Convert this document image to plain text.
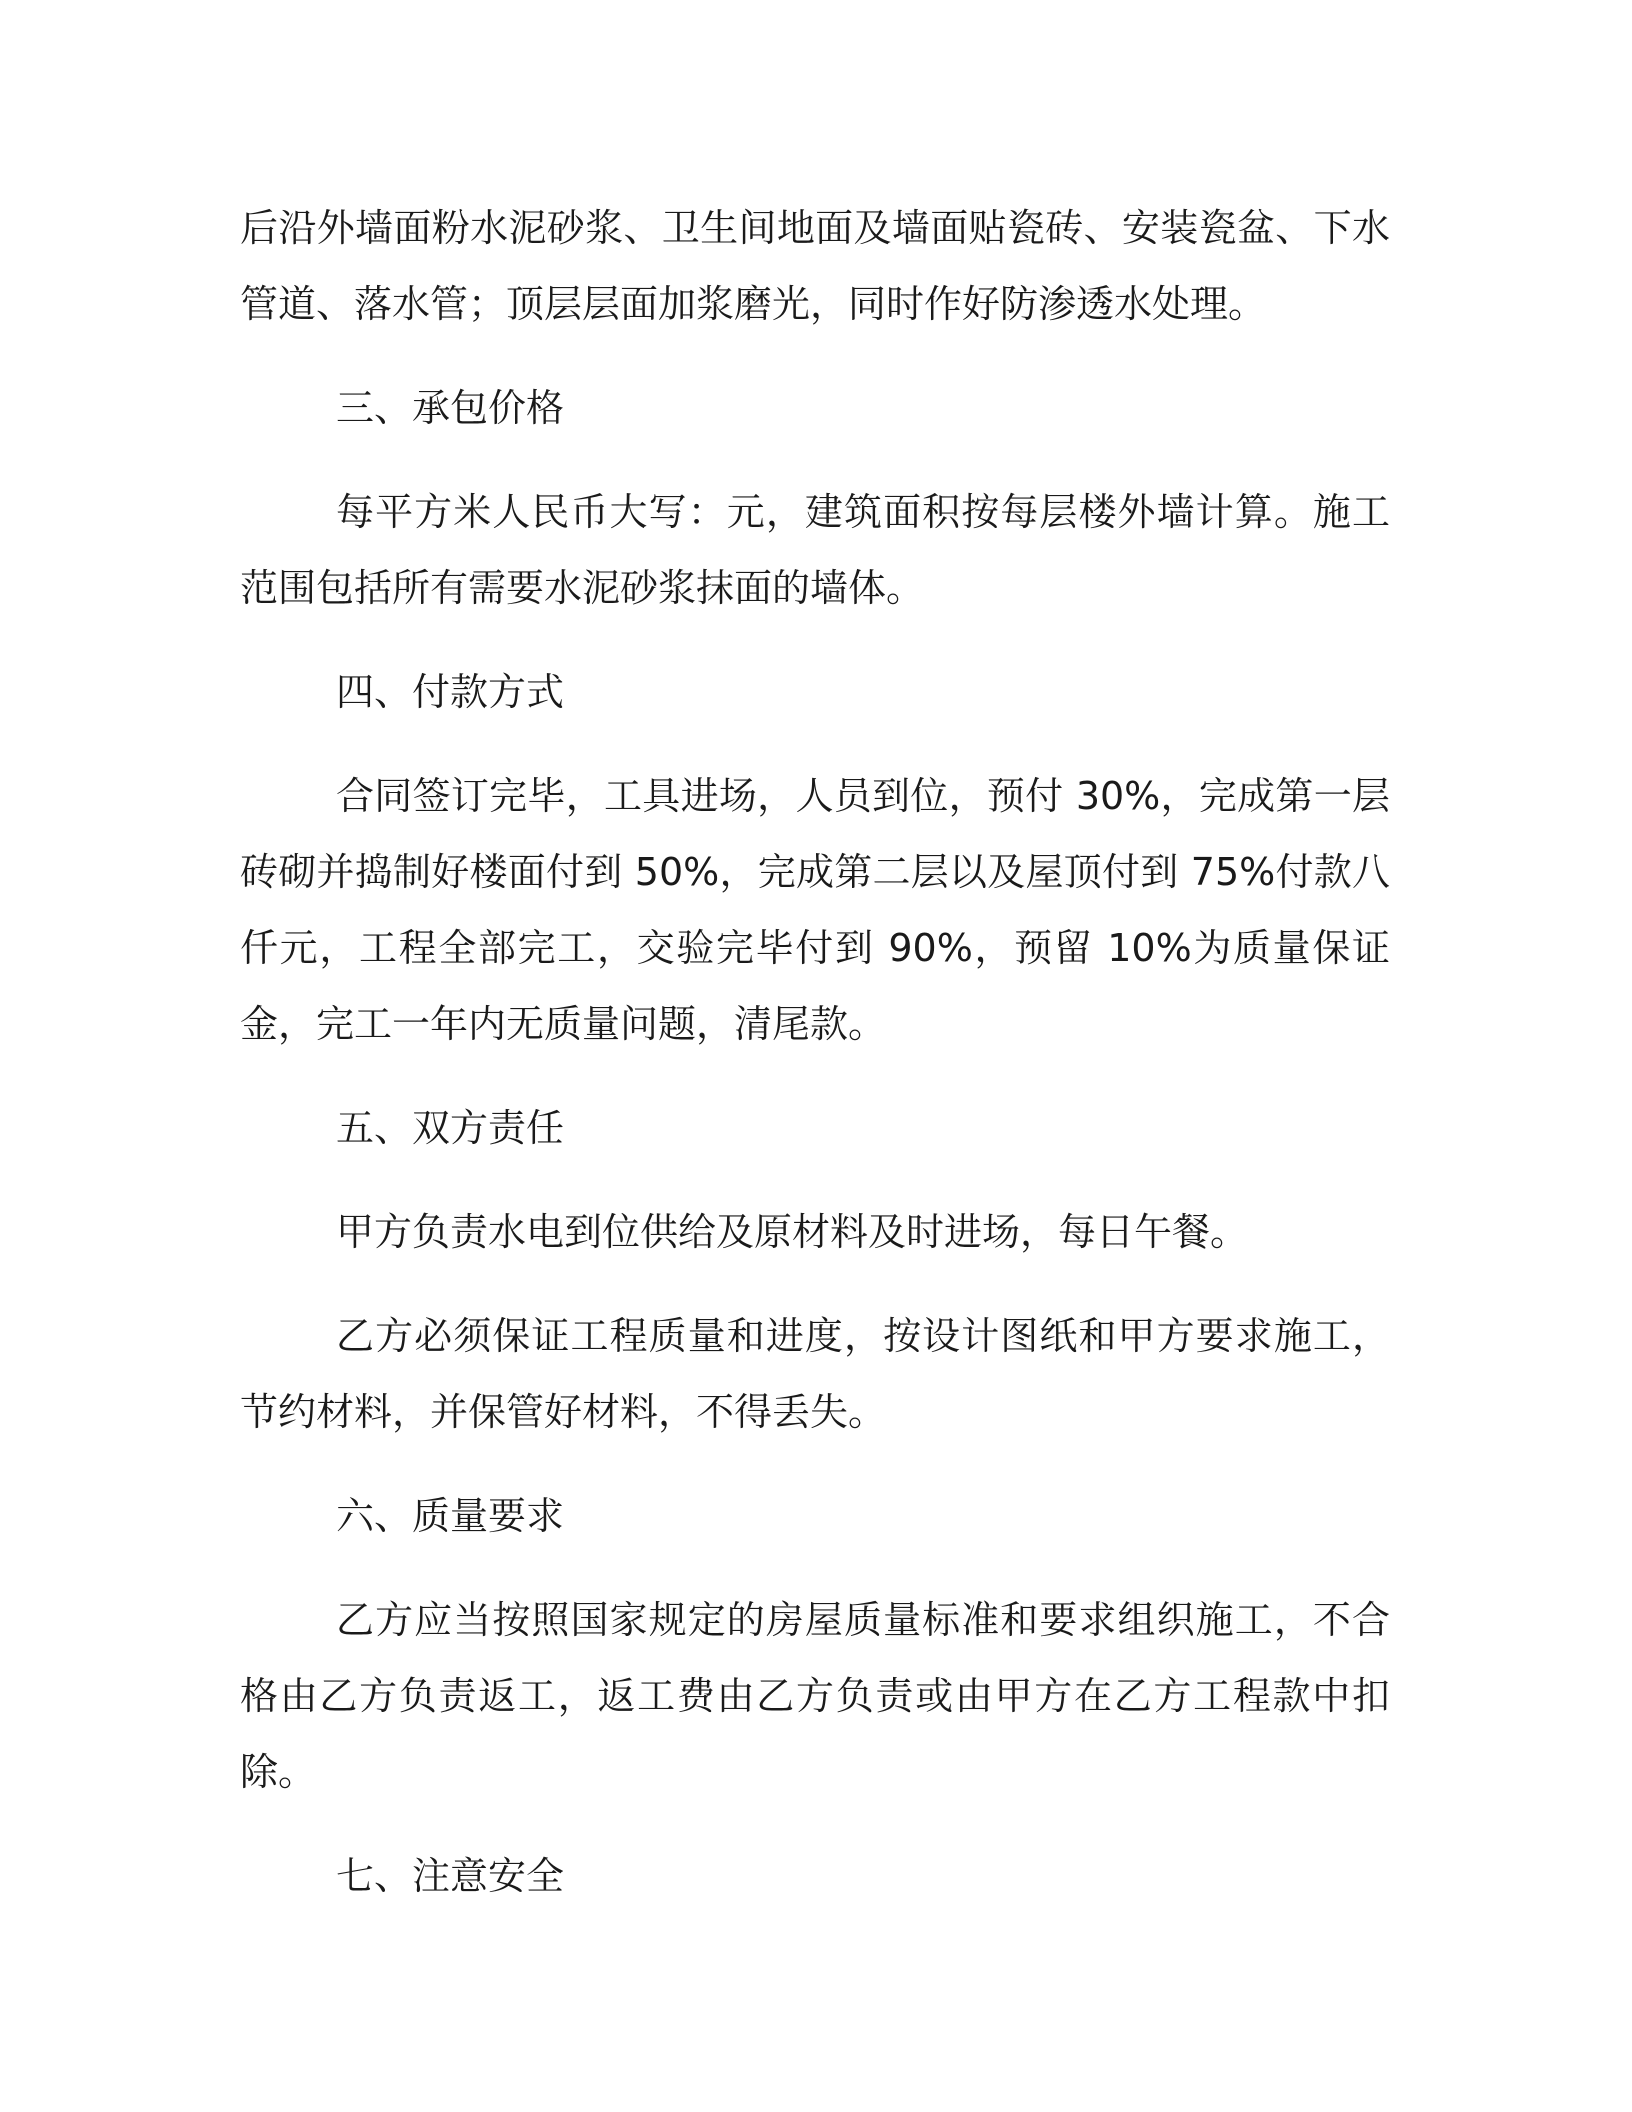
后沿外墙面粉水泥砂浆、卫生间地面及墙面贴瓷砖、安装瓷盆、下水管道、落水管；顶层层面加浆磨光，同时作好防渗透水处理。

三、承包价格

每平方米人民币大写：元，建筑面积按每层楼外墙计算。施工范围包括所有需要水泥砂浆抹面的墙体。

四、付款方式

合同签订完毕，工具进场，人员到位，预付 30%，完成第一层砖砌并捣制好楼面付到 50%，完成第二层以及屋顶付到 75%付款八仟元，工程全部完工，交验完毕付到 90%，预留 10%为质量保证金，完工一年内无质量问题，清尾款。

五、双方责任

甲方负责水电到位供给及原材料及时进场，每日午餐。

乙方必须保证工程质量和进度，按设计图纸和甲方要求施工，节约材料，并保管好材料，不得丢失。

六、质量要求

乙方应当按照国家规定的房屋质量标准和要求组织施工，不合格由乙方负责返工，返工费由乙方负责或由甲方在乙方工程款中扣除。

七、注意安全
